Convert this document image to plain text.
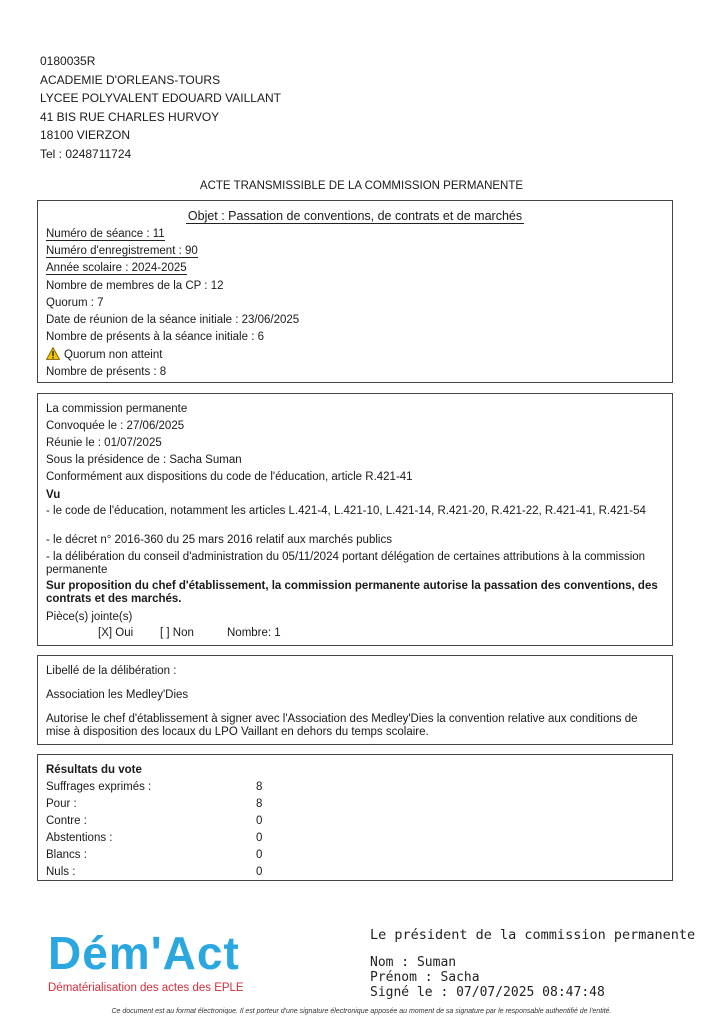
0180035R
ACADEMIE D'ORLEANS-TOURS
LYCEE POLYVALENT EDOUARD VAILLANT
41 BIS RUE CHARLES HURVOY
18100 VIERZON
Tel : 0248711724
ACTE TRANSMISSIBLE DE LA COMMISSION PERMANENTE
Objet : Passation de conventions, de contrats et de marchés
Numéro de séance : 11
Numéro d'enregistrement : 90
Année scolaire : 2024-2025
Nombre de membres de la CP : 12
Quorum : 7
Date de réunion de la séance initiale : 23/06/2025
Nombre de présents à la séance initiale : 6
Quorum non atteint
Nombre de présents : 8
La commission permanente
Convoquée le : 27/06/2025
Réunie le : 01/07/2025
Sous la présidence de : Sacha Suman
Conformément aux dispositions du code de l'éducation, article R.421-41
Vu
- le code de l'éducation, notamment les articles L.421-4, L.421-10, L.421-14, R.421-20, R.421-22, R.421-41, R.421-54
- le décret n° 2016-360 du 25 mars 2016 relatif aux marchés publics
- la délibération du conseil d'administration du 05/11/2024 portant délégation de certaines attributions à la commission permanente
Sur proposition du chef d'établissement, la commission permanente autorise la passation des conventions, des contrats et des marchés.
Pièce(s) jointe(s)
[X] Oui [ ] Non	Nombre: 1
Libellé de la délibération :
Association les Medley'Dies
Autorise le chef d'établissement à signer avec l'Association des Medley'Dies la convention relative aux conditions de mise à disposition des locaux du LPO Vaillant en dehors du temps scolaire.
Résultats du vote
Suffrages exprimés :	8
Pour :	8
Contre :	0
Abstentions :	0
Blancs :	0
Nuls :	0
Dém'Act
Dématérialisation des actes des EPLE
Le président de la commission permanente
Nom : Suman
Prénom : Sacha
Signé le : 07/07/2025 08:47:48
Ce document est au format électronique. Il est porteur d'une signature électronique apposée au moment de sa signature par le responsable authentifié de l'entité.
